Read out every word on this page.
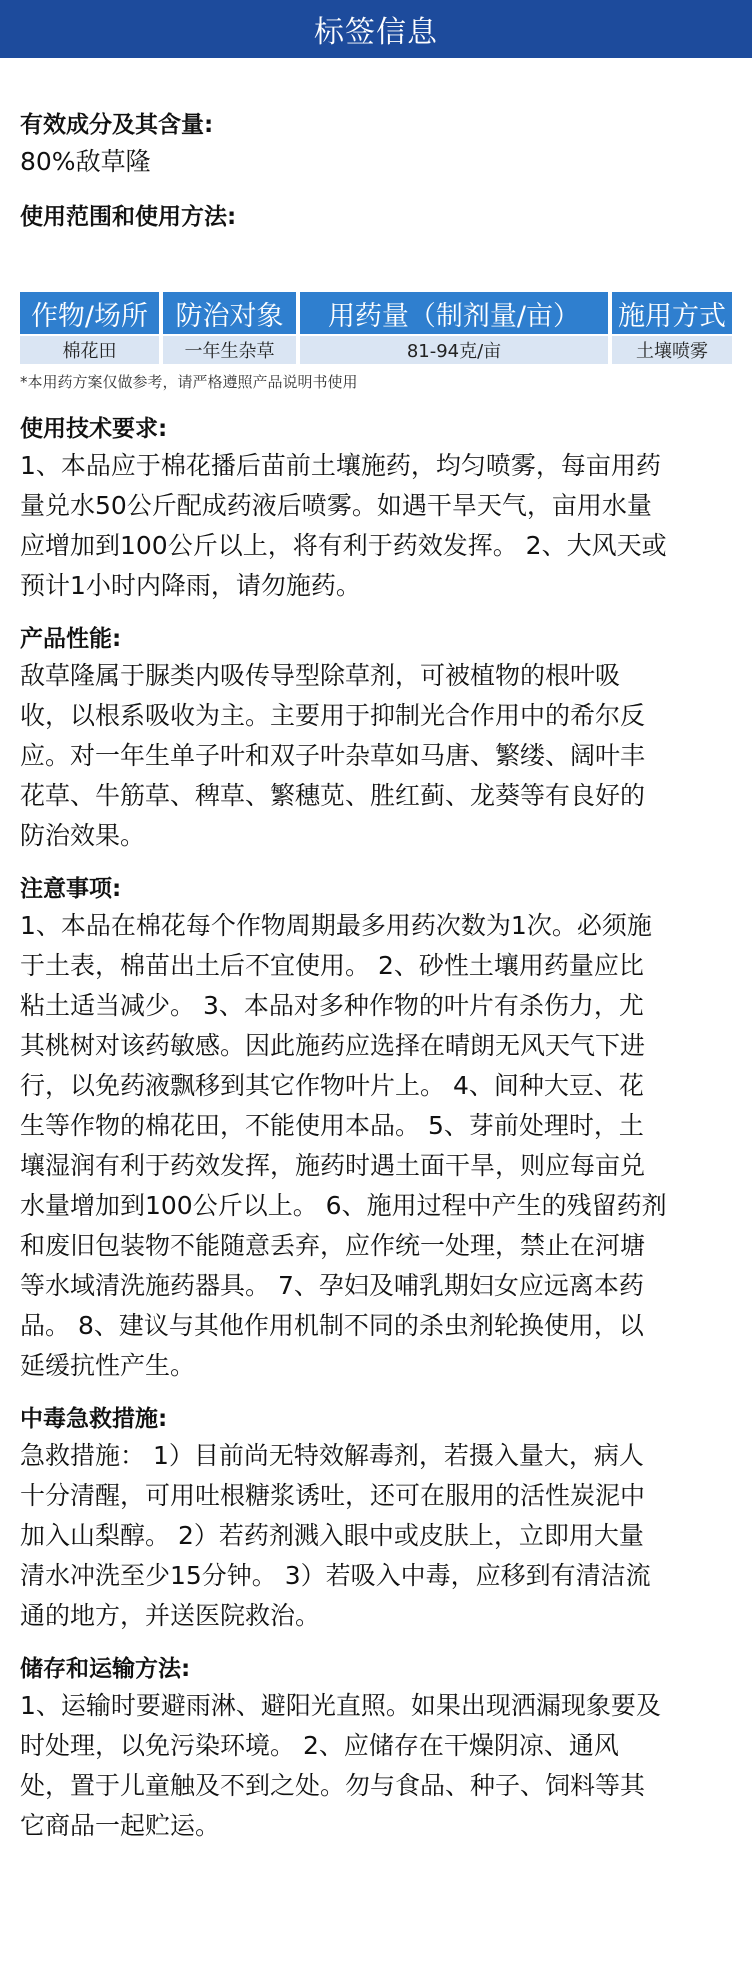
标签信息

有效成分及其含量:

80%敌草隆

使用范围和使用方法:

作物/场所	防治对象	用药量（制剂量/亩）	施用方式
棉花田	一年生杂草	81-94克/亩	土壤喷雾
*本用药方案仅做参考，请严格遵照产品说明书使用

使用技术要求:

1、本品应于棉花播后苗前土壤施药，均匀喷雾，每亩用药
量兑水50公斤配成药液后喷雾。如遇干旱天气，亩用水量
应增加到100公斤以上，将有利于药效发挥。 2、大风天或
预计1小时内降雨，请勿施药。

产品性能:

敌草隆属于脲类内吸传导型除草剂，可被植物的根叶吸
收，以根系吸收为主。主要用于抑制光合作用中的希尔反
应。对一年生单子叶和双子叶杂草如马唐、繁缕、阔叶丰
花草、牛筋草、稗草、繁穗苋、胜红蓟、龙葵等有良好的
防治效果。

注意事项:

1、本品在棉花每个作物周期最多用药次数为1次。必须施
于土表，棉苗出土后不宜使用。 2、砂性土壤用药量应比
粘土适当减少。 3、本品对多种作物的叶片有杀伤力，尤
其桃树对该药敏感。因此施药应选择在晴朗无风天气下进
行，以免药液飘移到其它作物叶片上。 4、间种大豆、花
生等作物的棉花田，不能使用本品。 5、芽前处理时，土
壤湿润有利于药效发挥，施药时遇土面干旱，则应每亩兑
水量增加到100公斤以上。 6、施用过程中产生的残留药剂
和废旧包装物不能随意丢弃，应作统一处理，禁止在河塘
等水域清洗施药器具。 7、孕妇及哺乳期妇女应远离本药
品。 8、建议与其他作用机制不同的杀虫剂轮换使用，以
延缓抗性产生。

中毒急救措施:

急救措施： 1）目前尚无特效解毒剂，若摄入量大，病人
十分清醒，可用吐根糖浆诱吐，还可在服用的活性炭泥中
加入山梨醇。 2）若药剂溅入眼中或皮肤上，立即用大量
清水冲洗至少15分钟。 3）若吸入中毒，应移到有清洁流
通的地方，并送医院救治。

储存和运输方法:

1、运输时要避雨淋、避阳光直照。如果出现洒漏现象要及
时处理，以免污染环境。 2、应储存在干燥阴凉、通风
处，置于儿童触及不到之处。勿与食品、种子、饲料等其
它商品一起贮运。
